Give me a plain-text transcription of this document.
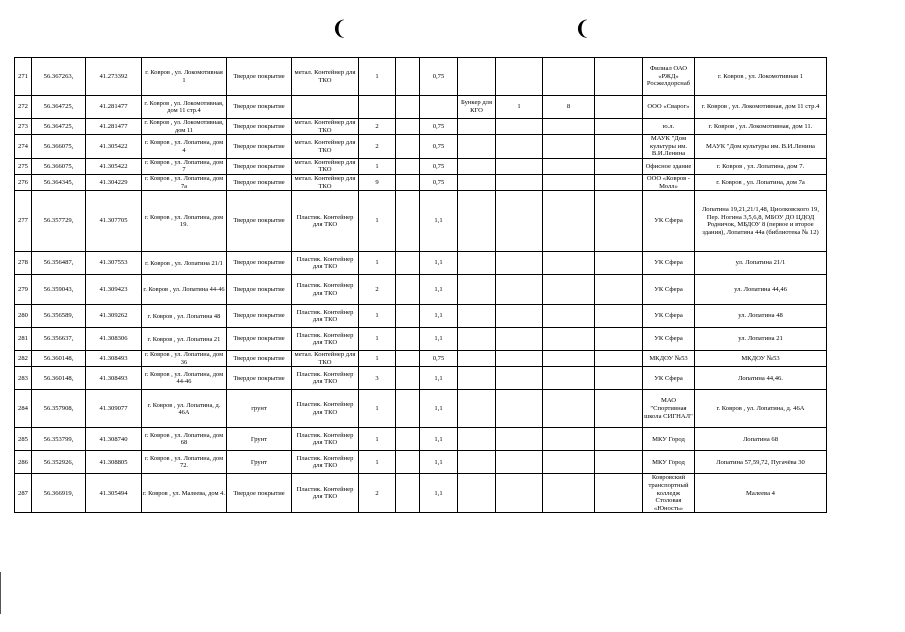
❨	❨
271	56.367263,	41.273392	г. Ковров , ул. Локомотивная 1	Твердое покрытие	метал. Контейнер для ТКО	1		0,75					Филиал ОАО «РЖД» Росжелдорснаб	г. Ковров , ул. Локомотивная 1
272	56.364725,	41.281477	г. Ковров , ул. Локомотивная, дом 11 стр.4	Твердое покрытие					Бункер для КГО	1	8		ООО «Сварог»	г. Ковров , ул. Локомотивная, дом 11 стр.4
273	56.364725,	41.281477	г. Ковров , ул. Локомотивная, дом 11	Твердое покрытие	метал. Контейнер для ТКО	2		0,75					ю.л.	г. Ковров , ул. Локомотивная, дом 11.
274	56.366075,	41.305422	г. Ковров , ул. Лопатина, дом 4	Твердое покрытие	метал. Контейнер для ТКО	2		0,75					МАУК "Дом культуры им. В.И.Ленина	МАУК "Дом культуры им. В.И.Ленина
275	56.366075,	41.305422	г. Ковров , ул. Лопатина, дом 7	Твердое покрытие	метал. Контейнер для ТКО	1		0,75					Офисное здание	г. Ковров , ул. Лопатина, дом 7.
276	56.364345,	41.304229	г. Ковров , ул. Лопатина, дом 7а	Твердое покрытие	метал. Контейнер для ТКО	9		0,75					ООО «Ковров - Молл»	г. Ковров , ул. Лопатина, дом 7а
277	56.357729,	41.307705	г. Ковров , ул. Лопатина, дом 19.	Твердое покрытие	Пластик. Контейнер для ТКО	1		1,1					УК Сфера	Лопатина 19,21,21/1,48, Циолковского 19, Пер. Ногина 3,5,6,8, МБОУ ДО ЦДОД Родничок, МБДОУ 8 (первое и второе здания), Лопатина 44а (библиотека № 12)
278	56.356487,	41.307553	г. Ковров , ул. Лопатина 21/1	Твердое покрытие	Пластик. Контейнер для ТКО	1		1,1					УК Сфера	ул. Лопатина 21/1
279	56.359043,	41.309423	г. Ковров , ул. Лопатина 44-46	Твердое покрытие	Пластик. Контейнер для ТКО	2		1,1					УК Сфера	ул. Лопатина 44,46
280	56.356589,	41.309262	г. Ковров , ул. Лопатина 48	Твердое покрытие	Пластик. Контейнер для ТКО	1		1,1					УК Сфера	ул. Лопатина 48
281	56.356637,	41.308306	г. Ковров , ул. Лопатина 21	Твердое покрытие	Пластик. Контейнер для ТКО	1		1,1					УК Сфера	ул. Лопатина 21
282	56.360148,	41.308493	г. Ковров , ул. Лопатина, дом 36	Твердое покрытие	метал. Контейнер для ТКО	1		0,75					МКДОУ №53	МКДОУ №53
283	56.360148,	41.308493	г. Ковров , ул. Лопатина, дом 44-46	Твердое покрытие	Пластик. Контейнер для ТКО	3		1,1					УК Сфера	Лопатина 44,46.
284	56.357908,	41.309077	г. Ковров , ул. Лопатина, д. 46А	грунт	Пластик. Контейнер для ТКО	1		1,1					МАО "Спортивная школа СИГНАЛ"	г. Ковров , ул. Лопатина, д. 46А
285	56.353799,	41.308740	г. Ковров , ул. Лопатина, дом 68	Грунт	Пластик. Контейнер для ТКО	1		1,1					МКУ Город	Лопатина 68
286	56.352926,	41.308805	г. Ковров , ул. Лопатина, дом 72.	Грунт	Пластик. Контейнер для ТКО	1		1,1					МКУ Город	Лопатина 57,59,72, Пугачёва 30
287	56.366919,	41.305494	г. Ковров , ул. Малеева, дом 4.	Твердое покрытие	Пластик. Контейнер для ТКО	2		1,1					Ковровский транспортный колледж Столовая «Юность»	Малеева 4
